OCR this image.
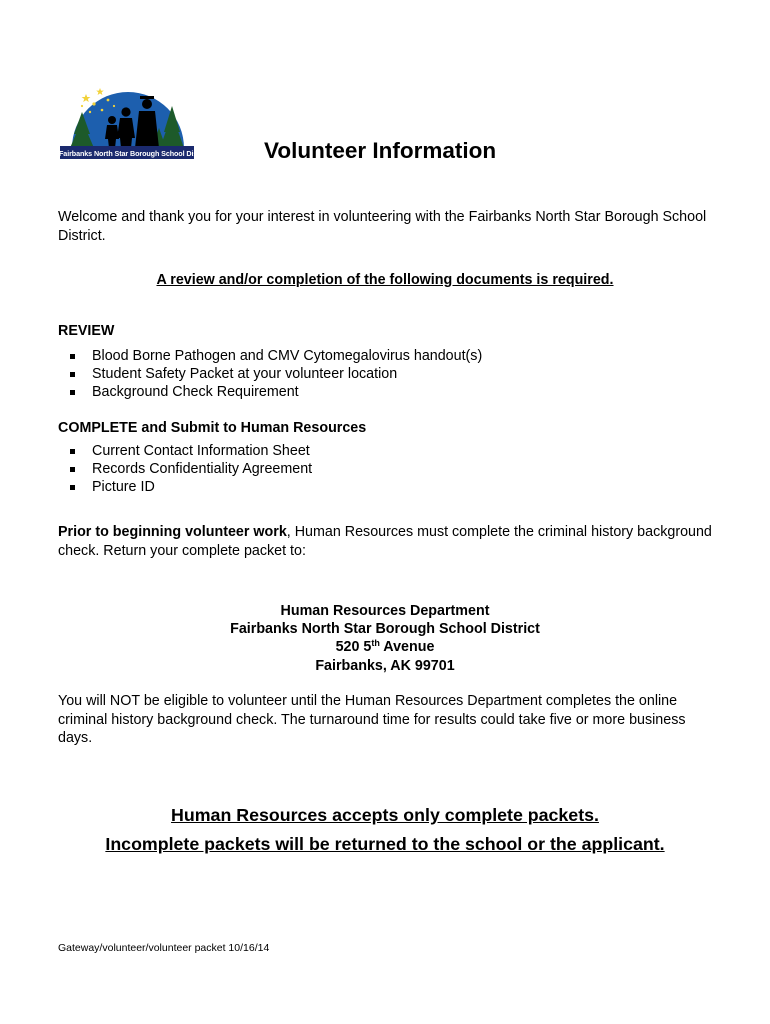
Fairbanks North Star Borough School District Volunteer Information
Welcome and thank you for your interest in volunteering with the Fairbanks North Star Borough School District.
A review and/or completion of the following documents is required.
REVIEW
Blood Borne Pathogen and CMV Cytomegalovirus handout(s)
Student Safety Packet at your volunteer location
Background Check Requirement
COMPLETE and Submit to Human Resources
Current Contact Information Sheet
Records Confidentiality Agreement
Picture ID
Prior to beginning volunteer work, Human Resources must complete the criminal history background check. Return your complete packet to:
Human Resources Department
Fairbanks North Star Borough School District
520 5th Avenue
Fairbanks, AK 99701
You will NOT be eligible to volunteer until the Human Resources Department completes the online criminal history background check. The turnaround time for results could take five or more business days.
Human Resources accepts only complete packets.
Incomplete packets will be returned to the school or the applicant.
Gateway/volunteer/volunteer packet 10/16/14
